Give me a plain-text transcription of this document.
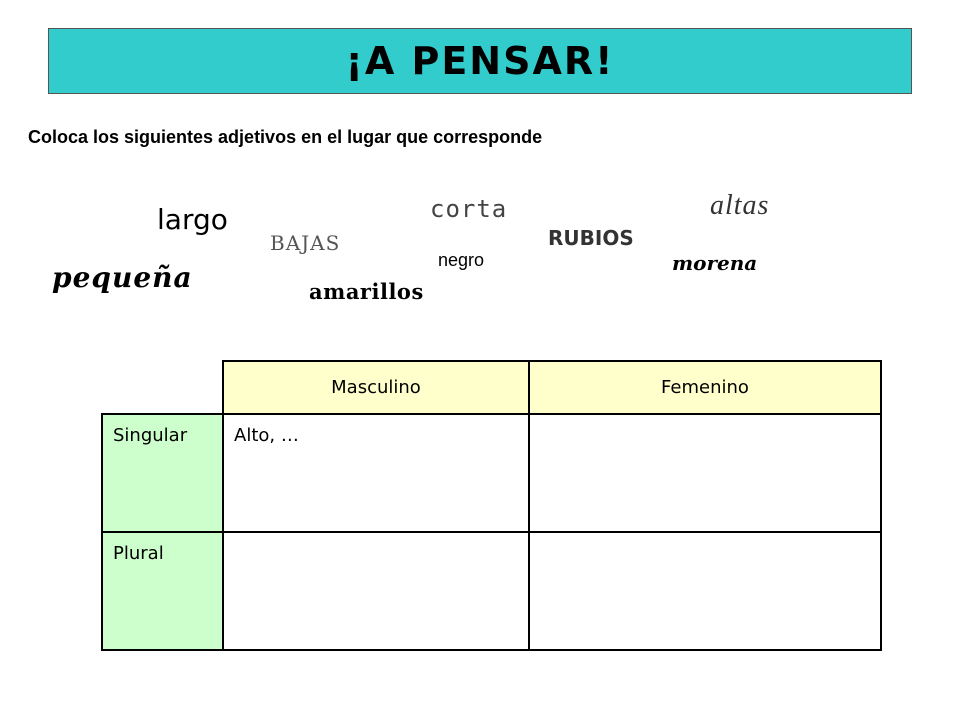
¡A PENSAR!
Coloca los siguientes adjetivos en el lugar que corresponde
largo
BAJAS
corta
negro
RUBIOS
altas
morena
pequeña	amarillos
	Masculino	Femenino

Singular	Alto, …	

Plural		
